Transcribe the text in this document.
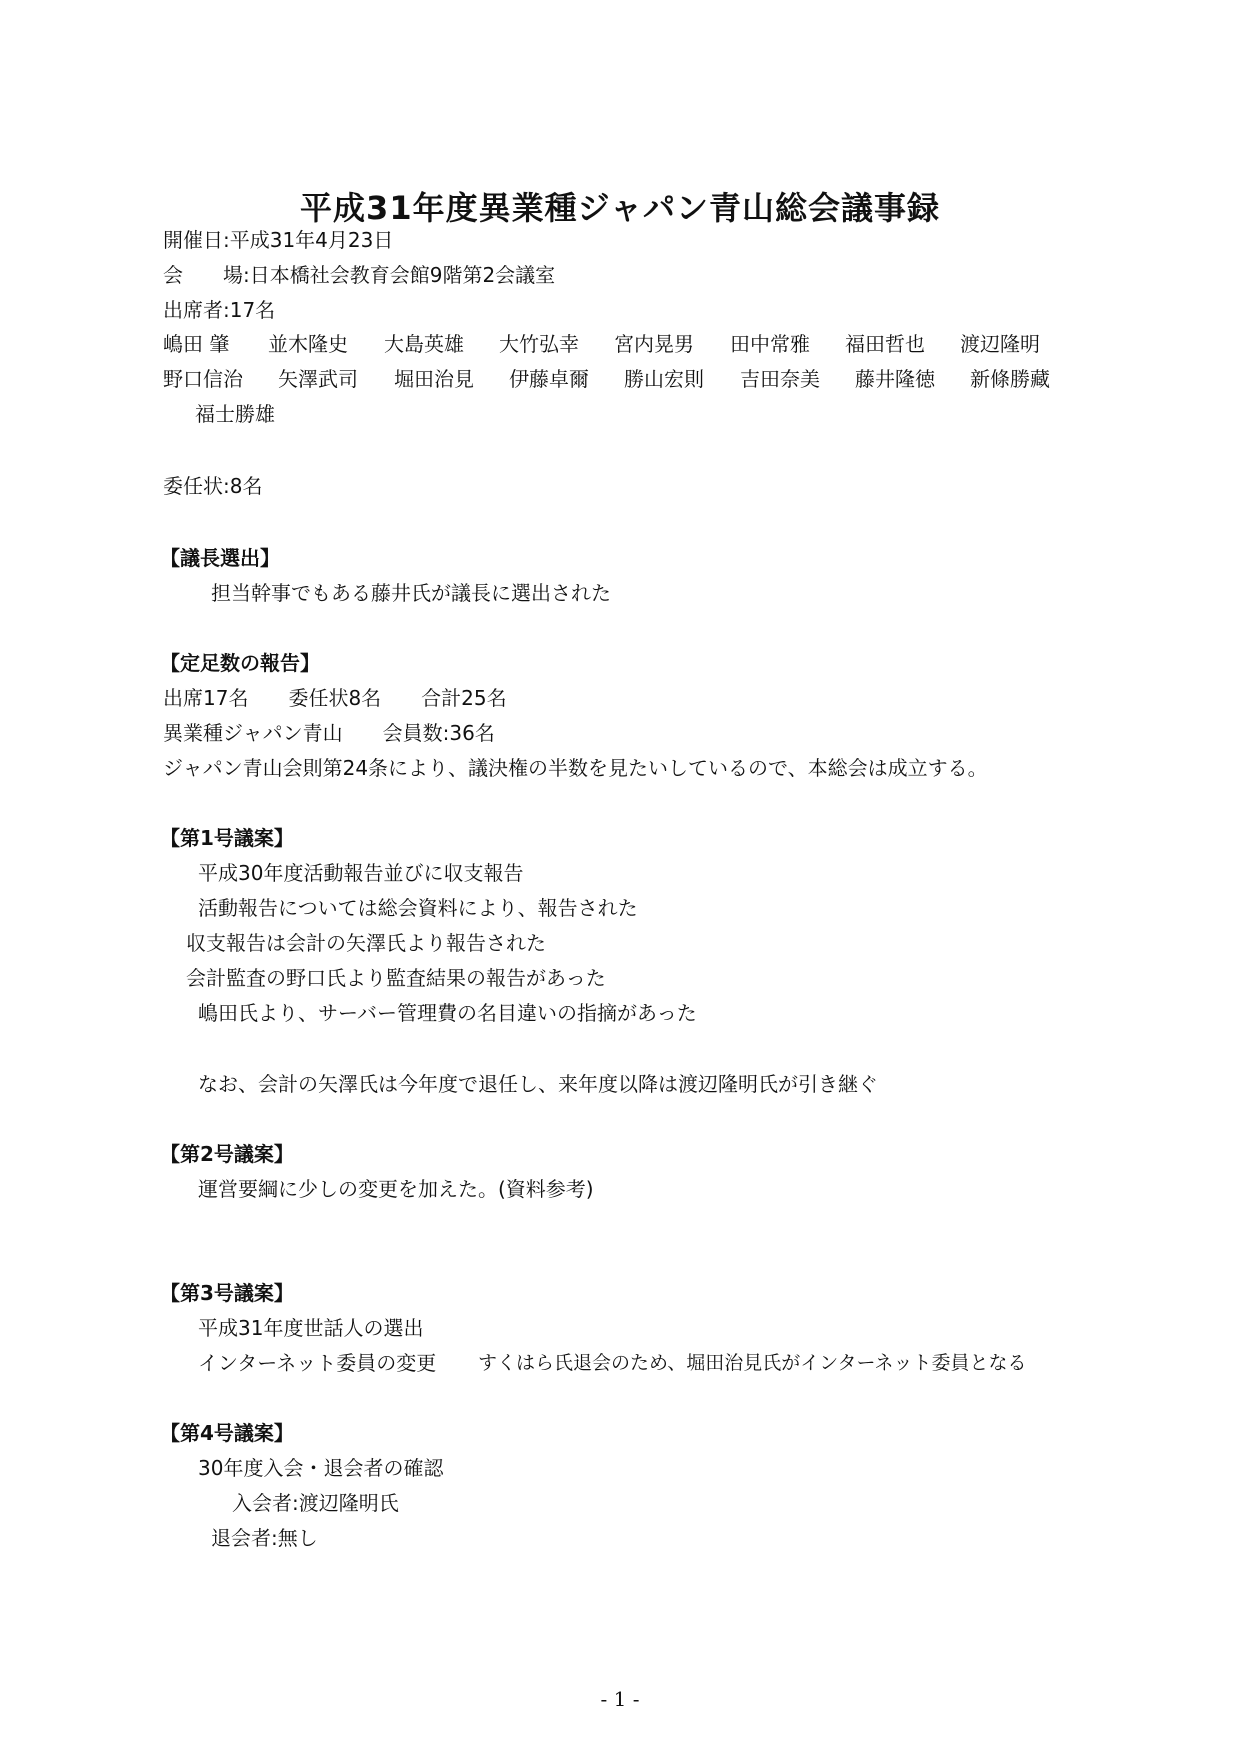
平成31年度異業種ジャパン青山総会議事録
開催日:平成31年4月23日
会　　場:日本橋社会教育会館9階第2会議室
出席者:17名
嶋田 肇 並木隆史 大島英雄 大竹弘幸 宮内晃男 田中常雅 福田哲也 渡辺隆明
野口信治 矢澤武司 堀田治見 伊藤卓爾 勝山宏則 吉田奈美 藤井隆徳 新條勝藏
福士勝雄
委任状:8名
【議長選出】
担当幹事でもある藤井氏が議長に選出された
【定足数の報告】
出席17名　　委任状8名　　合計25名
異業種ジャパン青山　　会員数:36名
ジャパン青山会則第24条により、議決権の半数を見たいしているので、本総会は成立する。
【第1号議案】
平成30年度活動報告並びに収支報告
活動報告については総会資料により、報告された
収支報告は会計の矢澤氏より報告された
会計監査の野口氏より監査結果の報告があった
嶋田氏より、サーバー管理費の名目違いの指摘があった
なお、会計の矢澤氏は今年度で退任し、来年度以降は渡辺隆明氏が引き継ぐ
【第2号議案】
運営要綱に少しの変更を加えた。(資料参考)
【第3号議案】
平成31年度世話人の選出
インターネット委員の変更 すくはら氏退会のため、堀田治見氏がインターネット委員となる
【第4号議案】
30年度入会・退会者の確認
入会者:渡辺隆明氏
退会者:無し
- 1 -
